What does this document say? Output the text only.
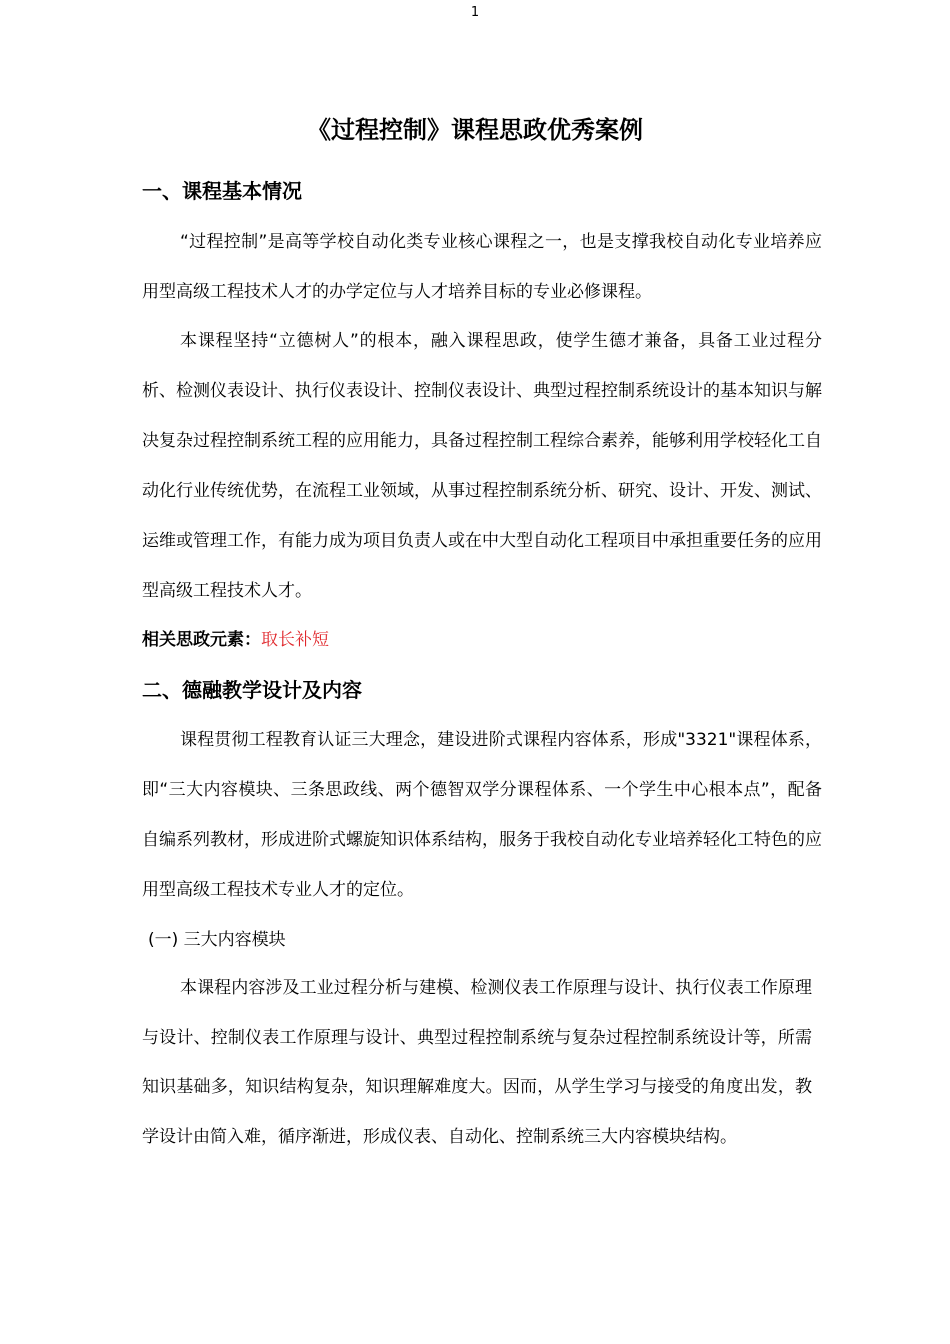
1
《过程控制》课程思政优秀案例
一、课程基本情况

“过程控制”是高等学校自动化类专业核心课程之一，也是支撑我校自动化专业培养应用型高级工程技术人才的办学定位与人才培养目标的专业必修课程。

本课程坚持“立德树人”的根本，融入课程思政，使学生德才兼备，具备工业过程分析、检测仪表设计、执行仪表设计、控制仪表设计、典型过程控制系统设计的基本知识与解决复杂过程控制系统工程的应用能力，具备过程控制工程综合素养，能够利用学校轻化工自动化行业传统优势，在流程工业领域，从事过程控制系统分析、研究、设计、开发、测试、运维或管理工作，有能力成为项目负责人或在中大型自动化工程项目中承担重要任务的应用型高级工程技术人才。

相关思政元素：取长补短

二、德融教学设计及内容

课程贯彻工程教育认证三大理念，建设进阶式课程内容体系，形成"3321"课程体系，即“三大内容模块、三条思政线、两个德智双学分课程体系、一个学生中心根本点”，配备自编系列教材，形成进阶式螺旋知识体系结构，服务于我校自动化专业培养轻化工特色的应用型高级工程技术专业人才的定位。

(一) 三大内容模块

本课程内容涉及工业过程分析与建模、检测仪表工作原理与设计、执行仪表工作原理与设计、控制仪表工作原理与设计、典型过程控制系统与复杂过程控制系统设计等，所需知识基础多，知识结构复杂，知识理解难度大。因而，从学生学习与接受的角度出发，教学设计由简入难，循序渐进，形成仪表、自动化、控制系统三大内容模块结构。
